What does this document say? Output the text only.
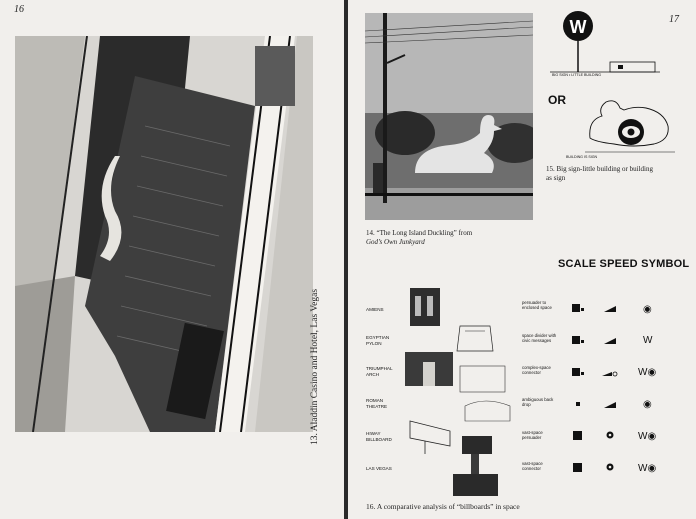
16
13. Aladdin Casino and Hotel, Las Vegas
17
14. “The Long Island Duckling” from
God’s Own Junkyard
W
BIG SIGN • LITTLE BUILDING
OR
BUILDING IS SIGN
15. Big sign-little building or building
as sign
SCALE SPEED SYMBOL
AMIENS
EGYPTIAN PYLON
TRIUMPHAL ARCH
ROMAN THEATRE
HIWAY BILLBOARD
LAS VEGAS
persuader to enclosed space
space divider with civic messages
complex-space connector
ambiguous back drop
vast-space persuader
vast-space connector
◉
W
W◉
◉
W◉
W◉
16. A comparative analysis of “billboards” in space
